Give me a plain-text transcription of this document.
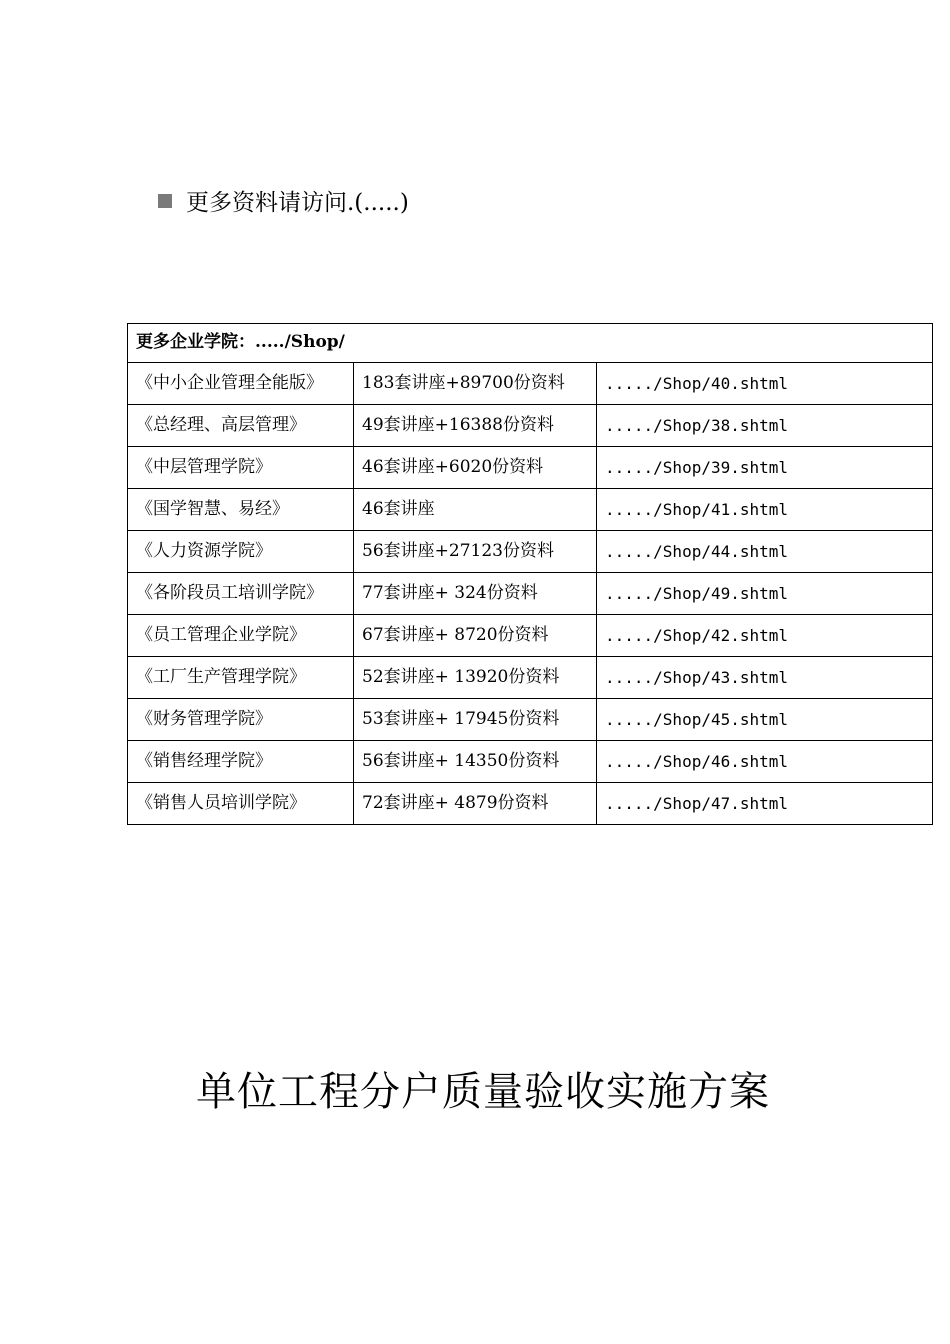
更多资料请访问.(.....)
更多企业学院：...../Shop/		
《中小企业管理全能版》	183套讲座+89700份资料	...../Shop/40.shtml
《总经理、高层管理》	49套讲座+16388份资料	...../Shop/38.shtml
《中层管理学院》	46套讲座+6020份资料	...../Shop/39.shtml
《国学智慧、易经》	46套讲座	...../Shop/41.shtml
《人力资源学院》	56套讲座+27123份资料	...../Shop/44.shtml
《各阶段员工培训学院》	77套讲座+ 324份资料	...../Shop/49.shtml
《员工管理企业学院》	67套讲座+ 8720份资料	...../Shop/42.shtml
《工厂生产管理学院》	52套讲座+ 13920份资料	...../Shop/43.shtml
《财务管理学院》	53套讲座+ 17945份资料	...../Shop/45.shtml
《销售经理学院》	56套讲座+ 14350份资料	...../Shop/46.shtml
《销售人员培训学院》	72套讲座+ 4879份资料	...../Shop/47.shtml
单位工程分户质量验收实施方案
